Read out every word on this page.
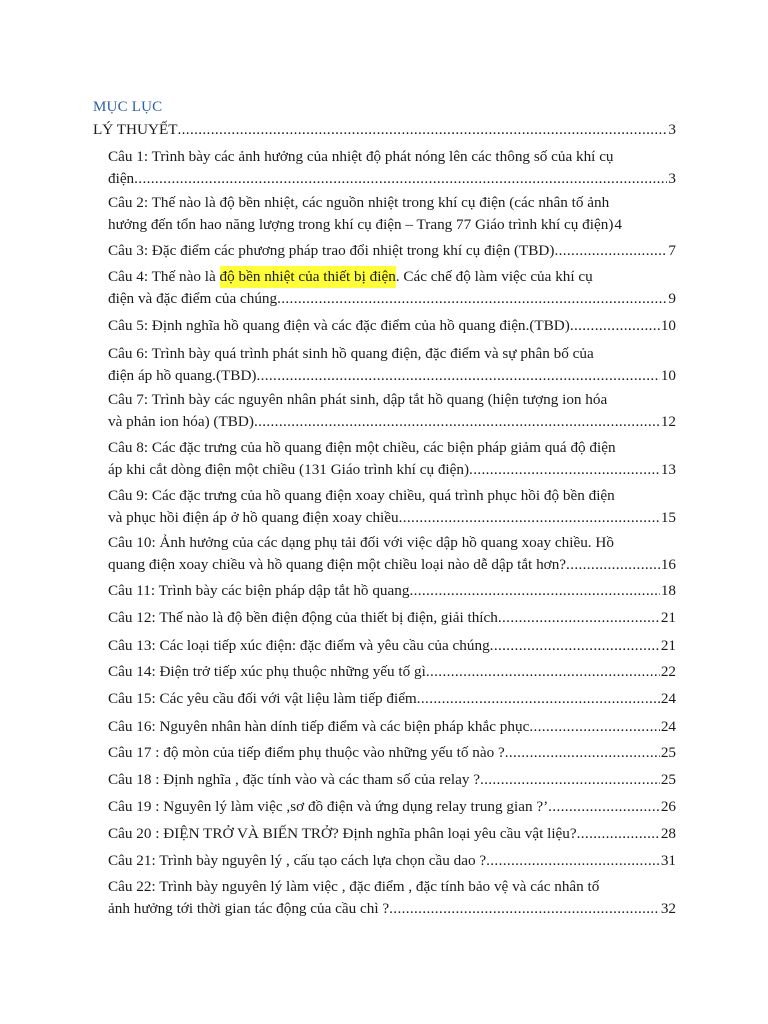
MỤC LỤC
LÝ THUYẾT .....	3
Câu 1: Trình bày các ảnh hưởng của nhiệt độ phát nóng lên các thông số của khí cụ
điện .....	3
Câu 2: Thế nào là độ bền nhiệt, các nguồn nhiệt trong khí cụ điện (các nhân tố ảnh
hưởng đến tổn hao năng lượng trong khí cụ điện – Trang 77 Giáo trình khí cụ điện) 4
Câu 3: Đặc điểm các phương pháp trao đổi nhiệt trong khí cụ điện (TBD) .....	7
Câu 4: Thế nào là độ bền nhiệt của thiết bị điện . Các chế độ làm việc của khí cụ
điện và đặc điểm của chúng .....	9
Câu 5: Định nghĩa hồ quang điện và các đặc điểm của hồ quang điện.(TBD) .....	10
Câu 6: Trình bày quá trình phát sinh hồ quang điện, đặc điểm và sự phân bố của
điện áp hồ quang.(TBD) .....	10
Câu 7: Trình bày các nguyên nhân phát sinh, dập tắt hồ quang (hiện tượng ion hóa
và phản ion hóa) (TBD) .....	12
Câu 8: Các đặc trưng của hồ quang điện một chiều, các biện pháp giảm quá độ điện
áp khi cắt dòng điện một chiều (131 Giáo trình khí cụ điện) .....	13
Câu 9: Các đặc trưng của hồ quang điện xoay chiều, quá trình phục hồi độ bền điện
và phục hồi điện áp ở hồ quang điện xoay chiều .....	15
Câu 10: Ảnh hưởng của các dạng phụ tải đối với việc dập hồ quang xoay chiều. Hồ
quang điện xoay chiều và hồ quang điện một chiều loại nào dễ dập tắt hơn? .....	16
Câu 11: Trình bày các biện pháp dập tắt hồ quang .....	18
Câu 12: Thế nào là độ bền điện động của thiết bị điện, giải thích .....	21
Câu 13: Các loại tiếp xúc điện: đặc điểm và yêu cầu của chúng .....	21
Câu 14: Điện trở tiếp xúc phụ thuộc những yếu tố gì .....	22
Câu 15: Các yêu cầu đối với vật liệu làm tiếp điểm .....	24
Câu 16: Nguyên nhân hàn dính tiếp điểm và các biện pháp khắc phục .....	24
Câu 17 : độ mòn của tiếp điểm phụ thuộc vào những yếu tố nào ? .....	25
Câu 18 : Định nghĩa , đặc tính vào và các tham số của relay ? .....	25
Câu 19 : Nguyên lý làm việc ,sơ đồ điện và ứng dụng relay trung gian ?’ .....	26
Câu 20 : ĐIỆN TRỞ VÀ BIẾN TRỞ? Định nghĩa phân loại yêu cầu vật liệu? .....	28
Câu 21: Trình bày nguyên lý , cấu tạo cách lựa chọn cầu dao ? .....	31
Câu 22: Trình bày nguyên lý làm việc , đặc điểm , đặc tính bảo vệ và các nhân tố
ảnh hưởng tới thời gian tác động của cầu chì ? .....	32
